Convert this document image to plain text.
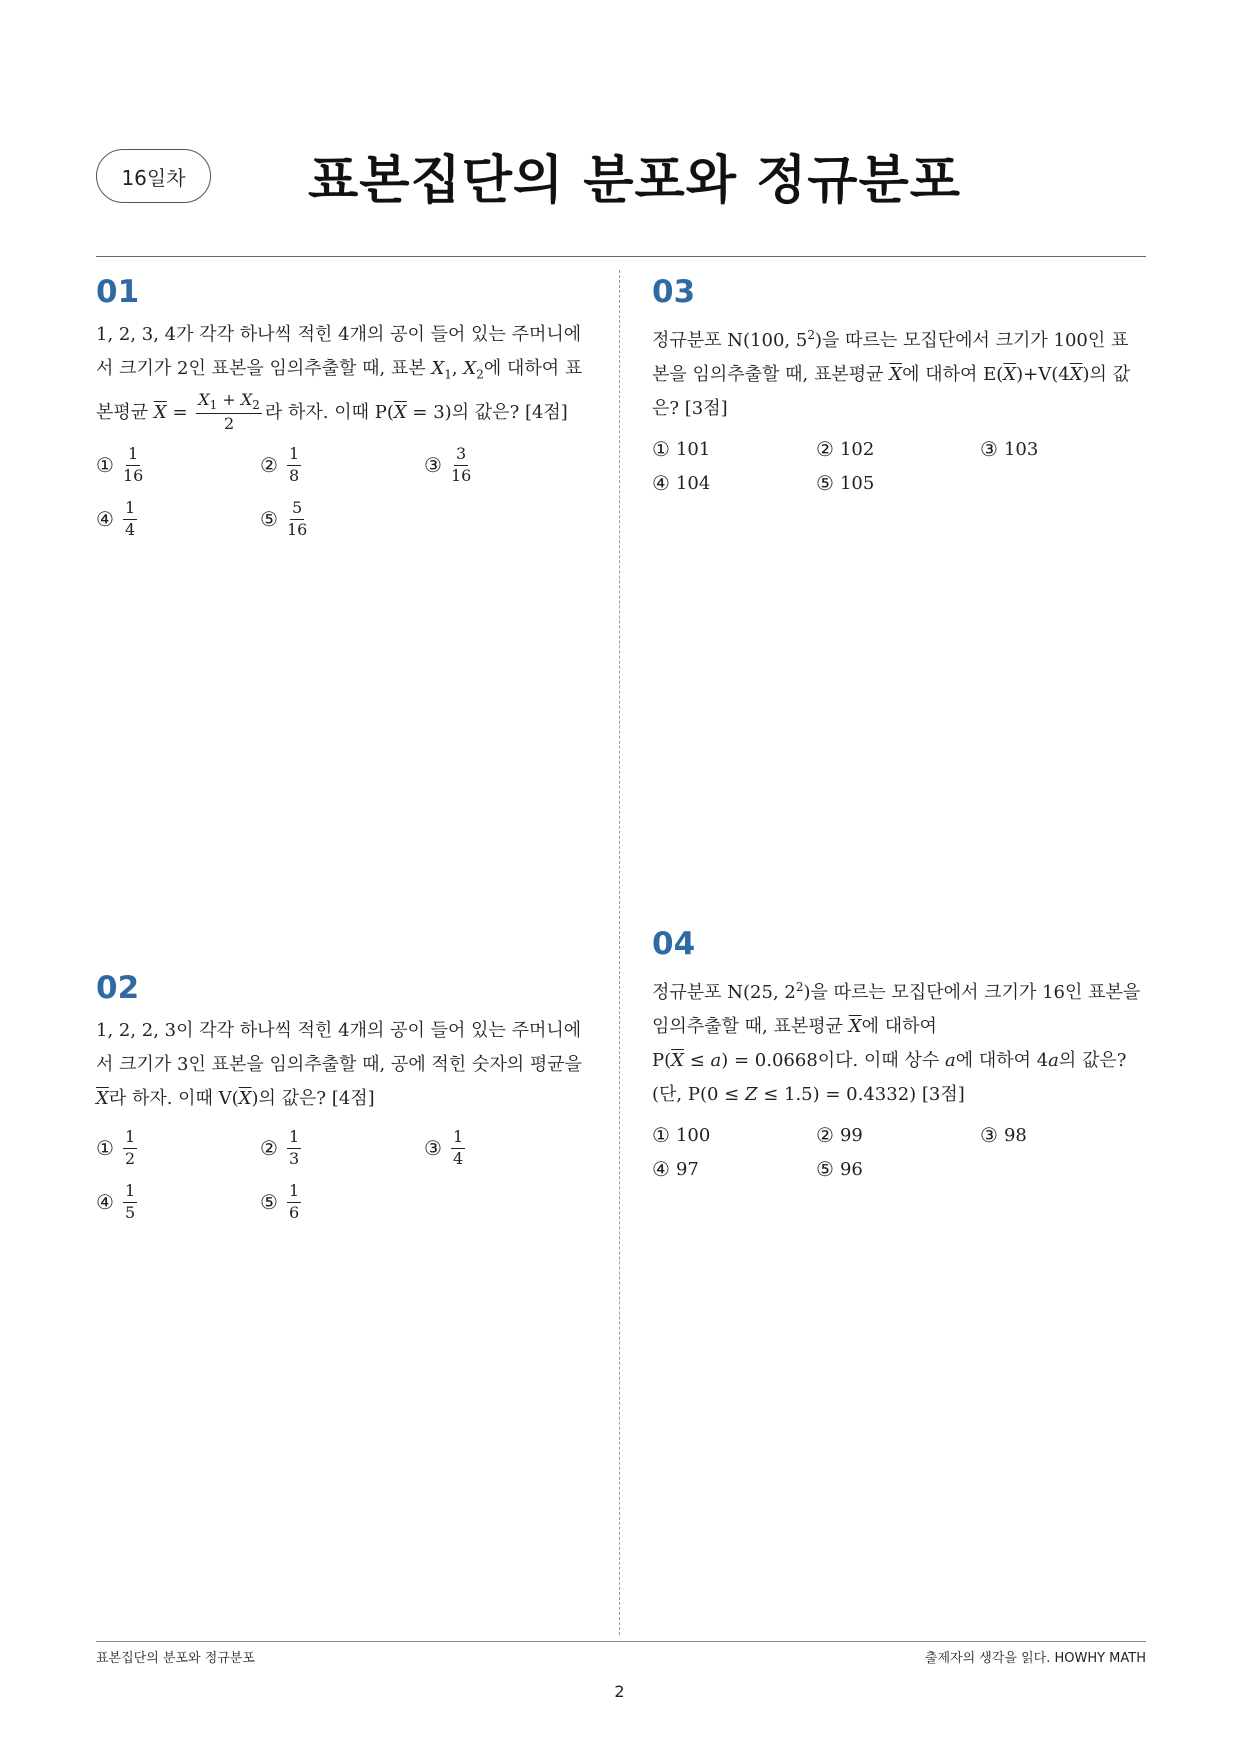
16일차	표본집단의 분포와 정규분포
01
1, 2, 3, 4가 각각 하나씩 적힌 4개의 공이 들어 있는 주머니에서 크기가 2인 표본을 임의추출할 때, 표본 $X_1$, $X_2$에 대하여 표본평균 $\overline{X} = \frac{X_1 + X_2}{2}$ 라 하자. 이때 $P(\overline{X} = 3)$의 값은? [4점]
① $\frac{1}{16}$	② $\frac{1}{8}$	③ $\frac{3}{16}$
④ $\frac{1}{4}$	⑤ $\frac{5}{16}$
02
1, 2, 2, 3이 각각 하나씩 적힌 4개의 공이 들어 있는 주머니에서 크기가 3인 표본을 임의추출할 때, 공에 적힌 숫자의 평균을 $\overline{X}$라 하자. 이때 $V(\overline{X})$의 값은? [4점]
① $\frac{1}{2}$	② $\frac{1}{3}$	③ $\frac{1}{4}$
④ $\frac{1}{5}$	⑤ $\frac{1}{6}$
03
정규분포 N(100, $5^2$)을 따르는 모집단에서 크기가 100인 표본을 임의추출할 때, 표본평균 $\overline{X}$에 대하여 $E(\overline{X})+V(4\overline{X})$의 값은? [3점]
① 101	② 102	③ 103
④ 104	⑤ 105
04
정규분포 N(25, $2^2$)을 따르는 모집단에서 크기가 16인 표본을 임의추출할 때, 표본평균 $\overline{X}$에 대하여
$P(\overline{X} \le a) = 0.0668$이다. 이때 상수 a에 대하여 4a의 값은?
(단, P(0 ≤ Z ≤ 1.5) = 0.4332) [3점]
① 100	② 99	③ 98
④ 97	⑤ 96
표본집단의 분포와 정규분포	출제자의 생각을 읽다. HOWHY MATH
2
